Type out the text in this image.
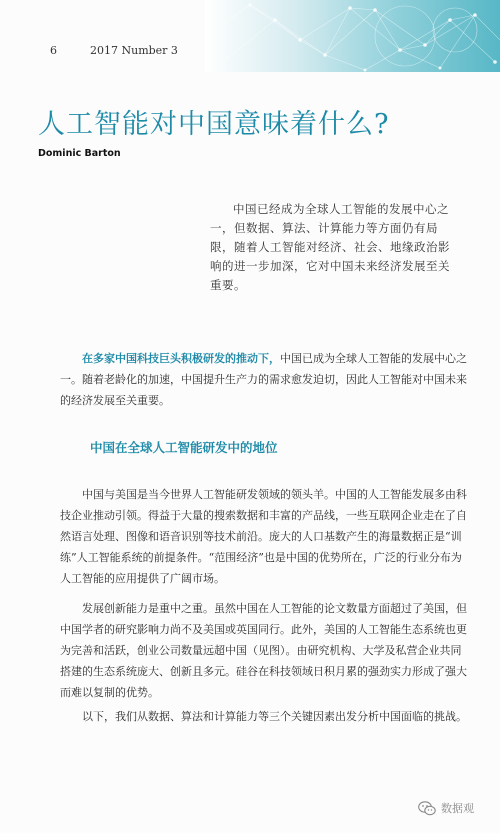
6	2017 Number 3
人工智能对中国意味着什么?
Dominic Barton

中国已经成为全球人工智能的发展中心之一，但数据、算法、计算能力等方面仍有局限，随着人工智能对经济、社会、地缘政治影响的进一步加深，它对中国未来经济发展至关重要。

在多家中国科技巨头积极研发的推动下，中国已成为全球人工智能的发展中心之一。随着老龄化的加速，中国提升生产力的需求愈发迫切，因此人工智能对中国未来的经济发展至关重要。

中国在全球人工智能研发中的地位

中国与美国是当今世界人工智能研发领域的领头羊。中国的人工智能发展多由科技企业推动引领。得益于大量的搜索数据和丰富的产品线，一些互联网企业走在了自然语言处理、图像和语音识别等技术前沿。庞大的人口基数产生的海量数据正是“训练”人工智能系统的前提条件。“范围经济”也是中国的优势所在，广泛的行业分布为人工智能的应用提供了广阔市场。

发展创新能力是重中之重。虽然中国在人工智能的论文数量方面超过了美国，但中国学者的研究影响力尚不及美国或英国同行。此外，美国的人工智能生态系统也更为完善和活跃，创业公司数量远超中国（见图）。由研究机构、大学及私营企业共同搭建的生态系统庞大、创新且多元。硅谷在科技领域日积月累的强劲实力形成了强大而难以复制的优势。

以下，我们从数据、算法和计算能力等三个关键因素出发分析中国面临的挑战。

数据观
